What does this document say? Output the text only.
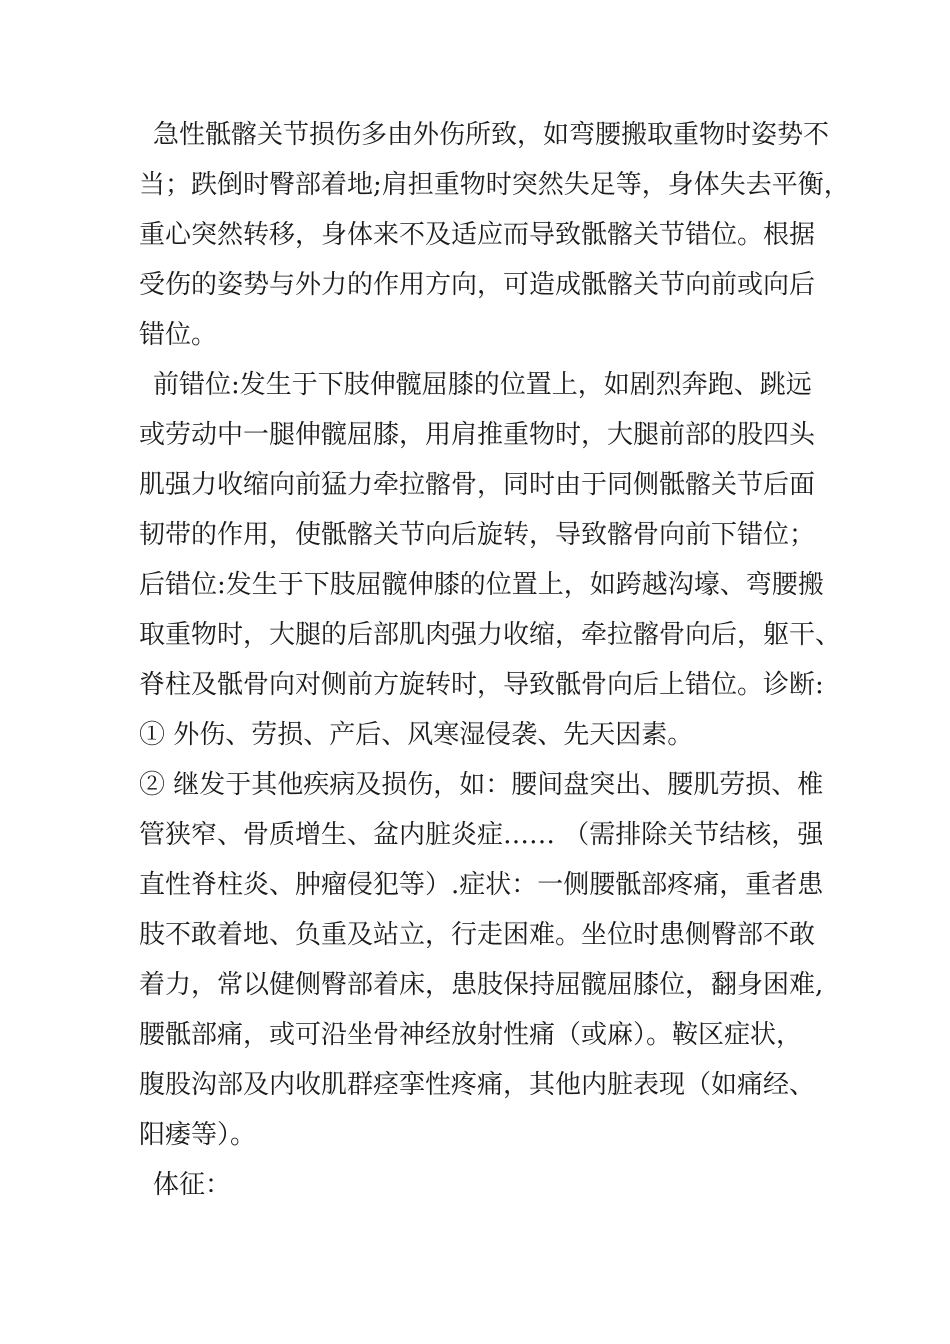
急性骶髂关节损伤多由外伤所致，如弯腰搬取重物时姿势不
当；跌倒时臀部着地;肩担重物时突然失足等，身体失去平衡，
重心突然转移，身体来不及适应而导致骶髂关节错位。根据
受伤的姿势与外力的作用方向，可造成骶髂关节向前或向后
错位。
前错位:发生于下肢伸髋屈膝的位置上，如剧烈奔跑、跳远
或劳动中一腿伸髋屈膝，用肩推重物时，大腿前部的股四头
肌强力收缩向前猛力牵拉髂骨，同时由于同侧骶髂关节后面
韧带的作用，使骶髂关节向后旋转，导致髂骨向前下错位；
后错位:发生于下肢屈髋伸膝的位置上，如跨越沟壕、弯腰搬
取重物时，大腿的后部肌肉强力收缩，牵拉髂骨向后，躯干、
脊柱及骶骨向对侧前方旋转时，导致骶骨向后上错位。诊断:
① 外伤、劳损、产后、风寒湿侵袭、先天因素。
② 继发于其他疾病及损伤，如：腰间盘突出、腰肌劳损、椎
管狭窄、骨质增生、盆内脏炎症…… （需排除关节结核，强
直性脊柱炎、肿瘤侵犯等）.症状：一侧腰骶部疼痛，重者患
肢不敢着地、负重及站立，行走困难。坐位时患侧臀部不敢
着力，常以健侧臀部着床，患肢保持屈髋屈膝位，翻身困难,
腰骶部痛，或可沿坐骨神经放射性痛（或麻）。鞍区症状，
腹股沟部及内收肌群痉挛性疼痛，其他内脏表现（如痛经、
阳痿等）。
体征：
